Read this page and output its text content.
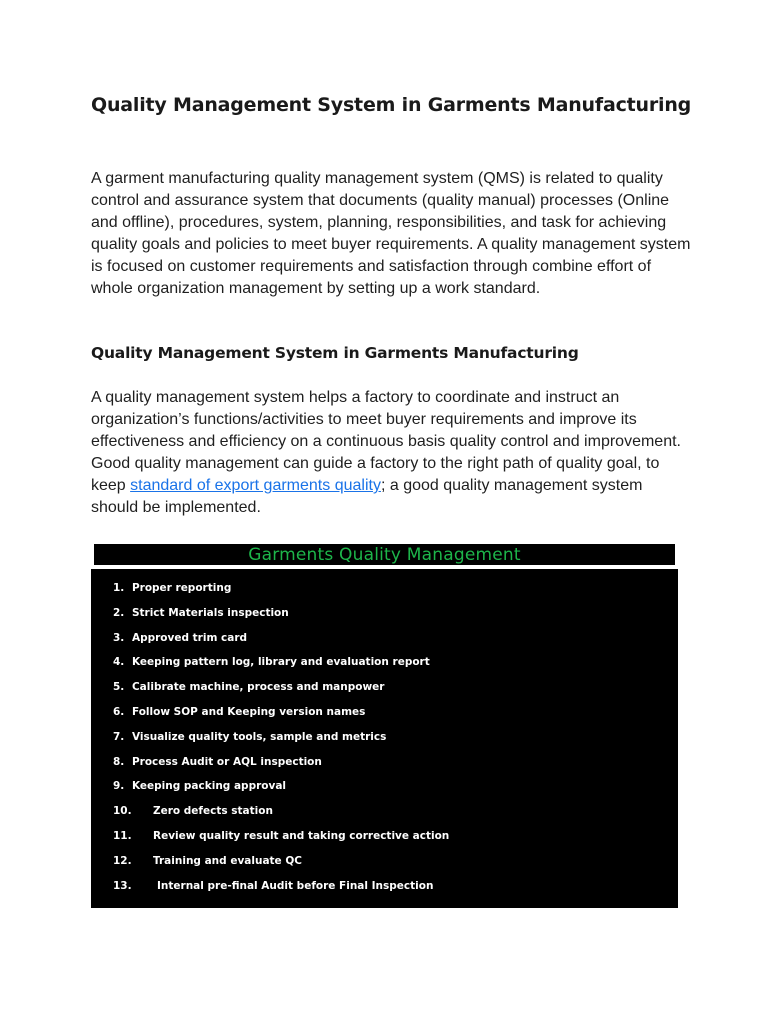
Quality Management System in Garments Manufacturing

A garment manufacturing quality management system (QMS) is related to quality control and assurance system that documents (quality manual) processes (Online and offline), procedures, system, planning, responsibilities, and task for achieving quality goals and policies to meet buyer requirements. A quality management system is focused on customer requirements and satisfaction through combine effort of whole organization management by setting up a work standard.

Quality Management System in Garments Manufacturing

A quality management system helps a factory to coordinate and instruct an organization’s functions/activities to meet buyer requirements and improve its effectiveness and efficiency on a continuous basis quality control and improvement. Good quality management can guide a factory to the right path of quality goal, to keep standard of export garments quality; a good quality management system should be implemented.

Garments Quality Management
1. Proper reporting
2. Strict Materials inspection
3. Approved trim card
4. Keeping pattern log, library and evaluation report
5. Calibrate machine, process and manpower
6. Follow SOP and Keeping version names
7. Visualize quality tools, sample and metrics
8. Process Audit or AQL inspection
9. Keeping packing approval
10. Zero defects station
11. Review quality result and taking corrective action
12. Training and evaluate QC
13. Internal pre-final Audit before Final Inspection
